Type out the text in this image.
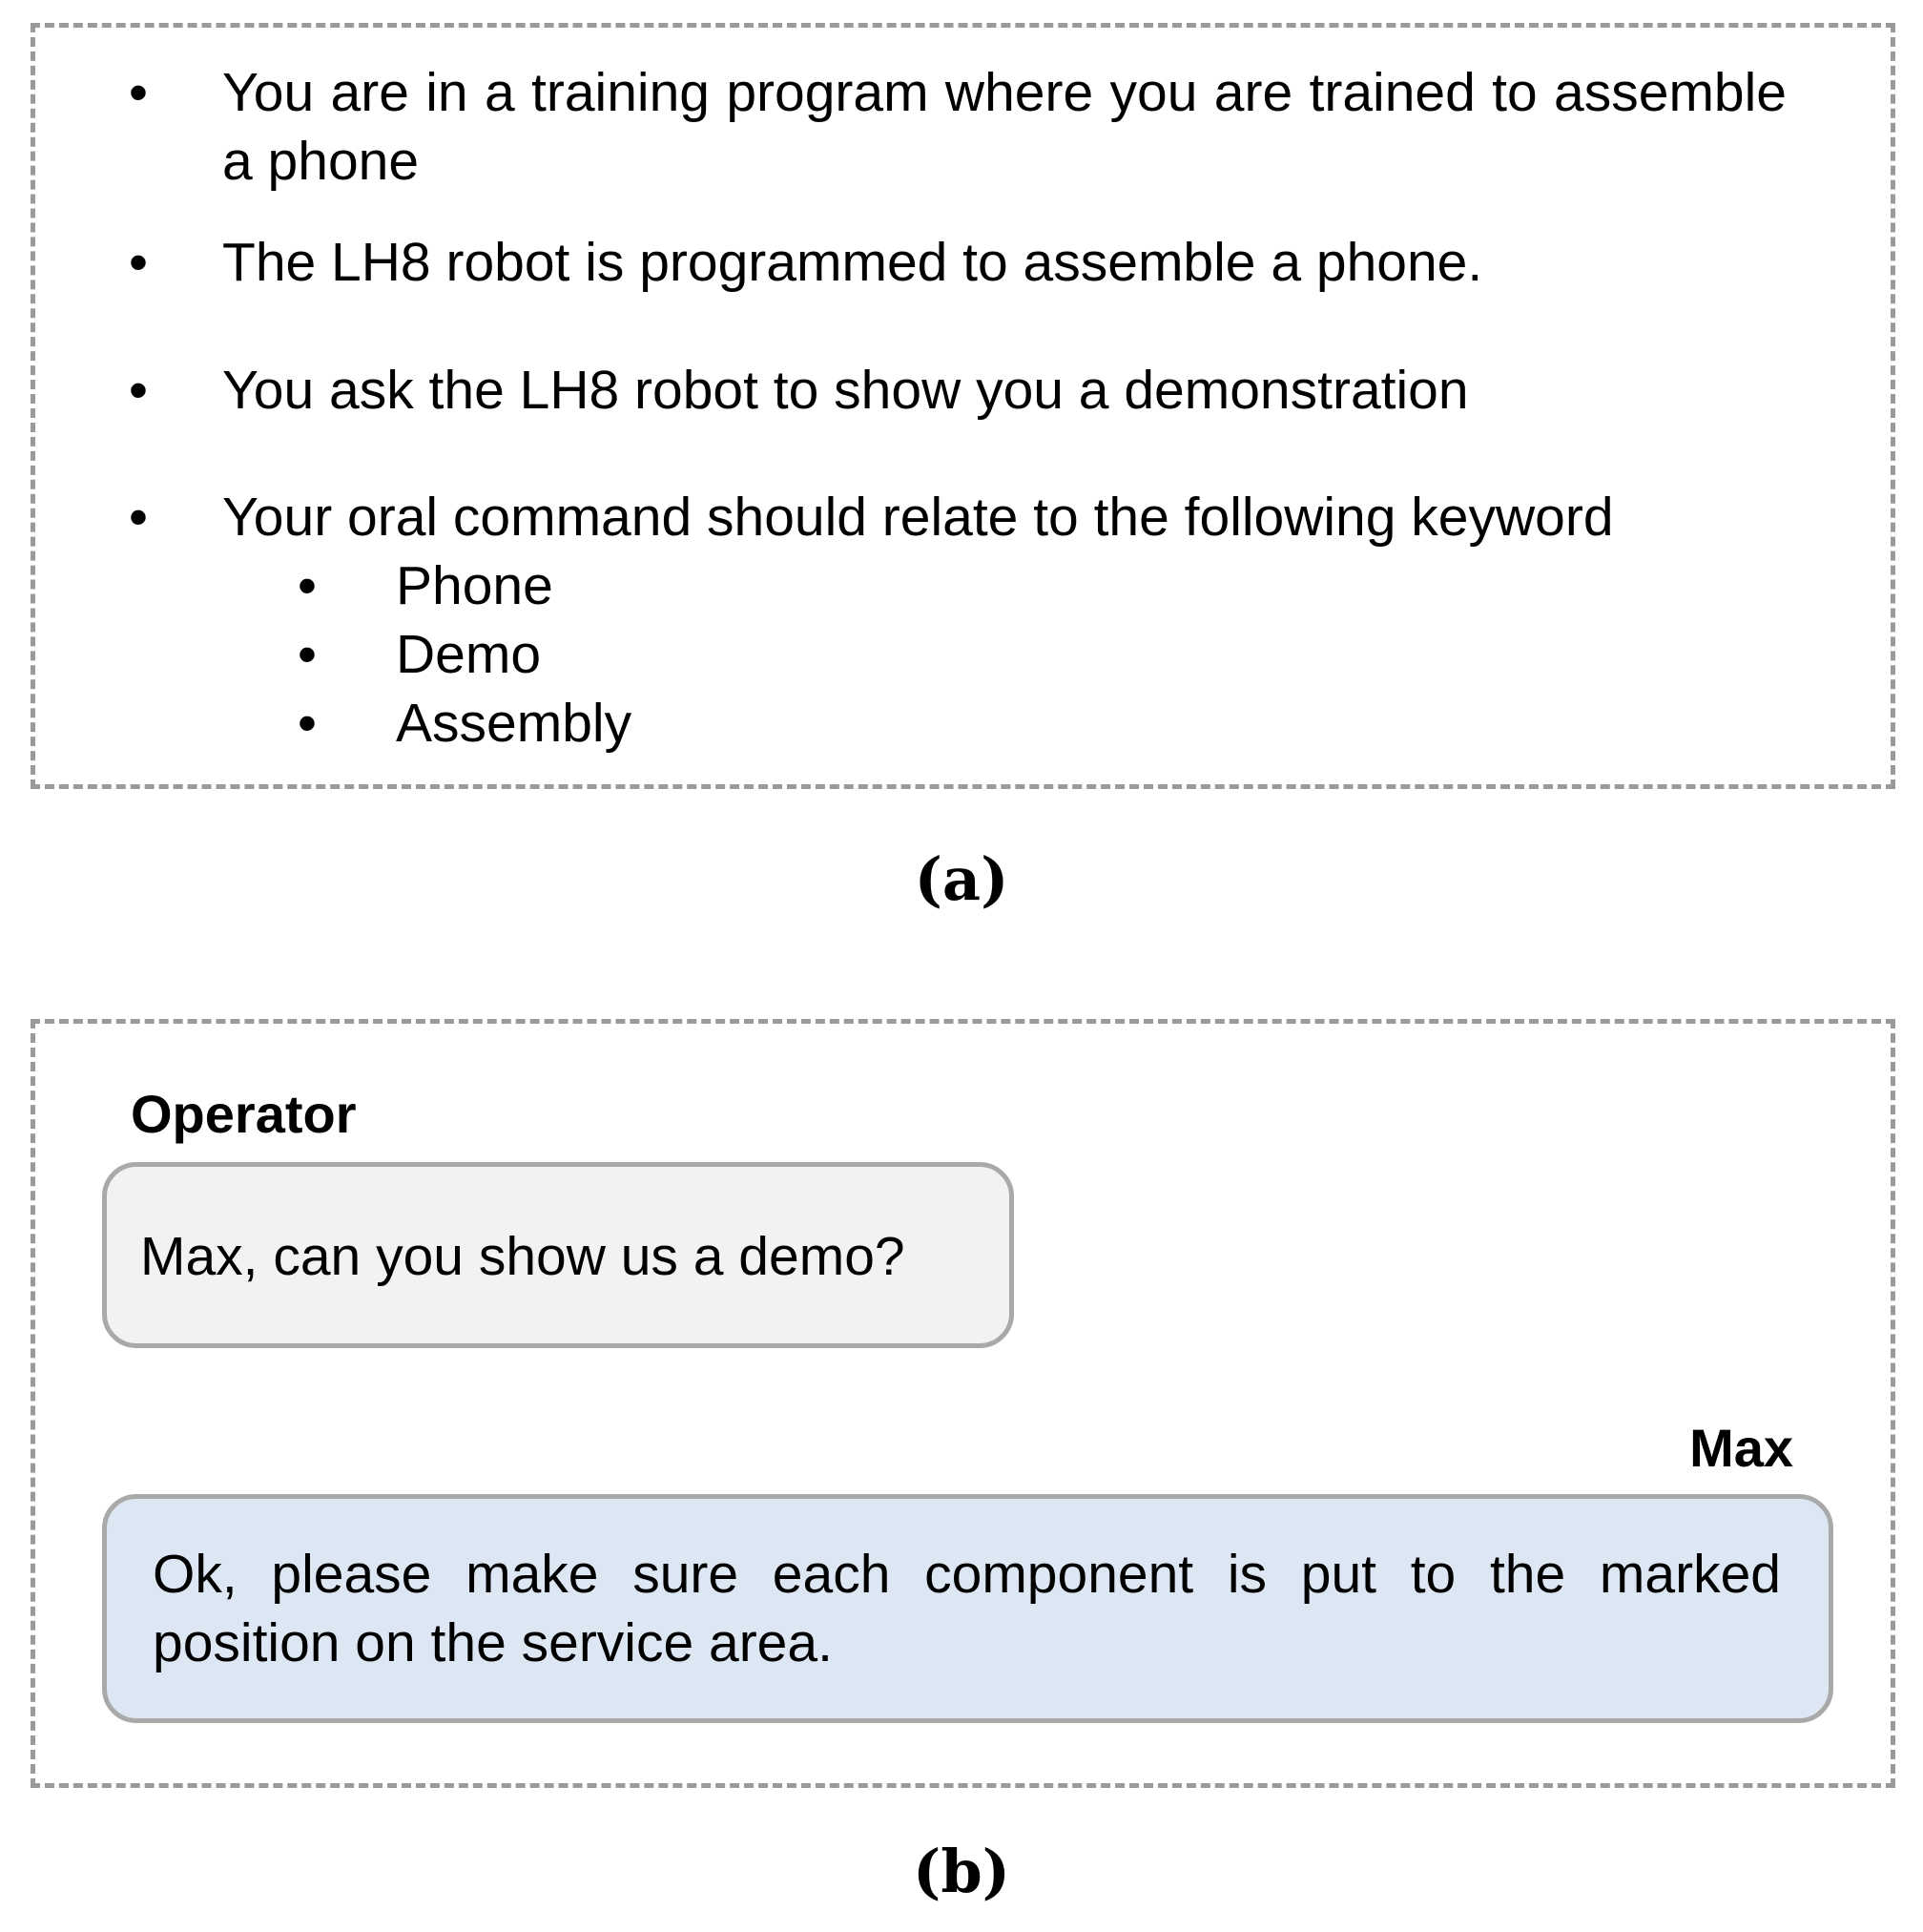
•	You are in a training program where you are trained to assemble a phone
•	The LH8 robot is programmed to assemble a phone.
•	You ask the LH8 robot to show you a demonstration
•	Your oral command should relate to the following keyword
• Phone
• Demo
• Assembly
(a)
Operator
Max, can you show us a demo?
Max
Ok, please make sure each component is put to the marked position on the service area.
(b)
